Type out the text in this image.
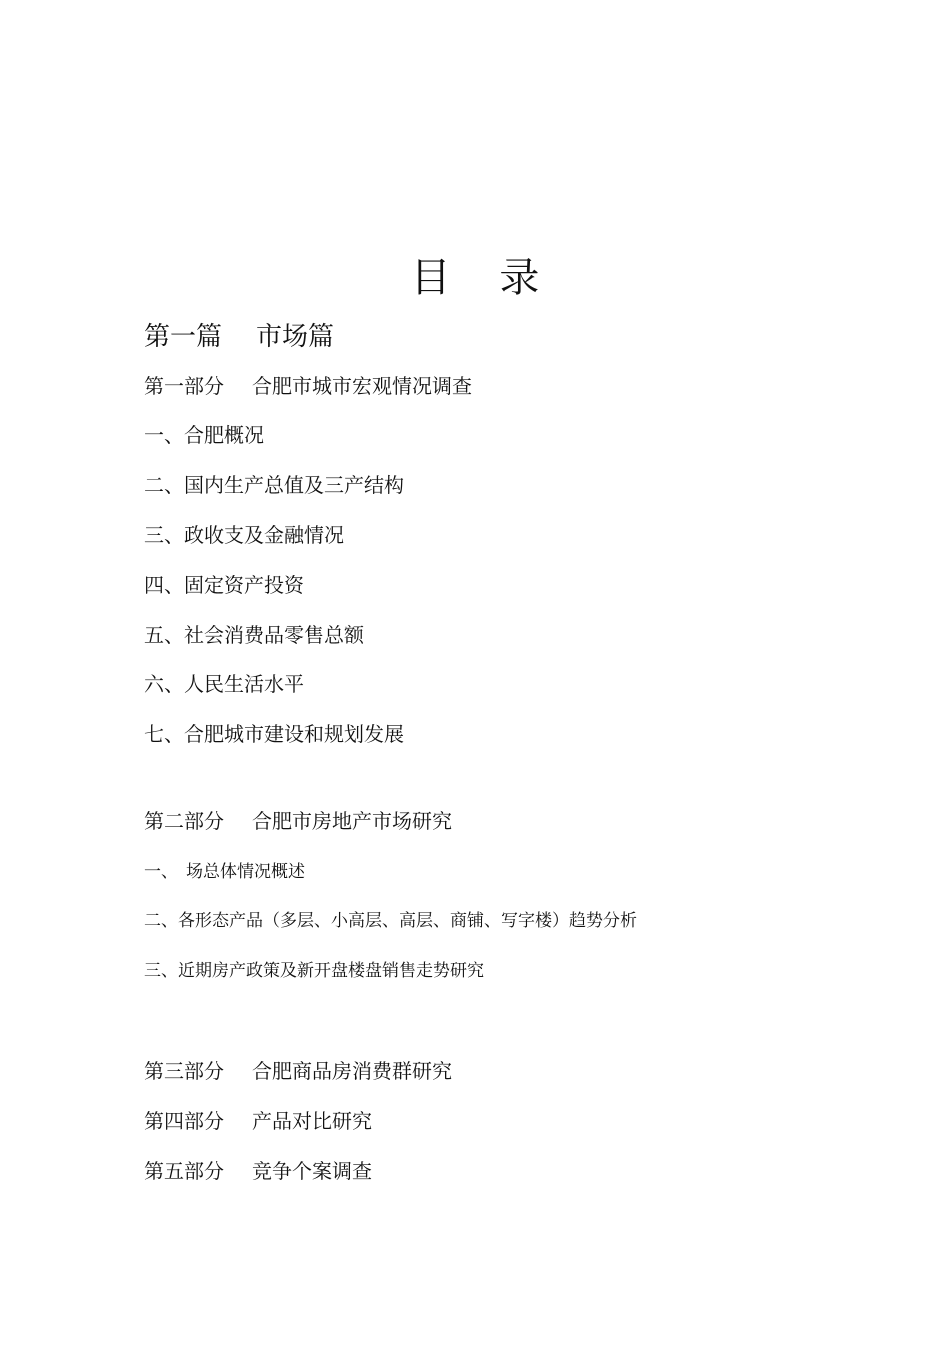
目 录
第一篇 市场篇
第一部分 合肥市城市宏观情况调查
一、合肥概况
二、国内生产总值及三产结构
三、政收支及金融情况
四、固定资产投资
五、社会消费品零售总额
六、人民生活水平
七、合肥城市建设和规划发展
第二部分 合肥市房地产市场研究
一、 场总体情况概述
二、各形态产品（多层、小高层、高层、商铺、写字楼）趋势分析
三、近期房产政策及新开盘楼盘销售走势研究
第三部分 合肥商品房消费群研究
第四部分 产品对比研究
第五部分 竞争个案调查
